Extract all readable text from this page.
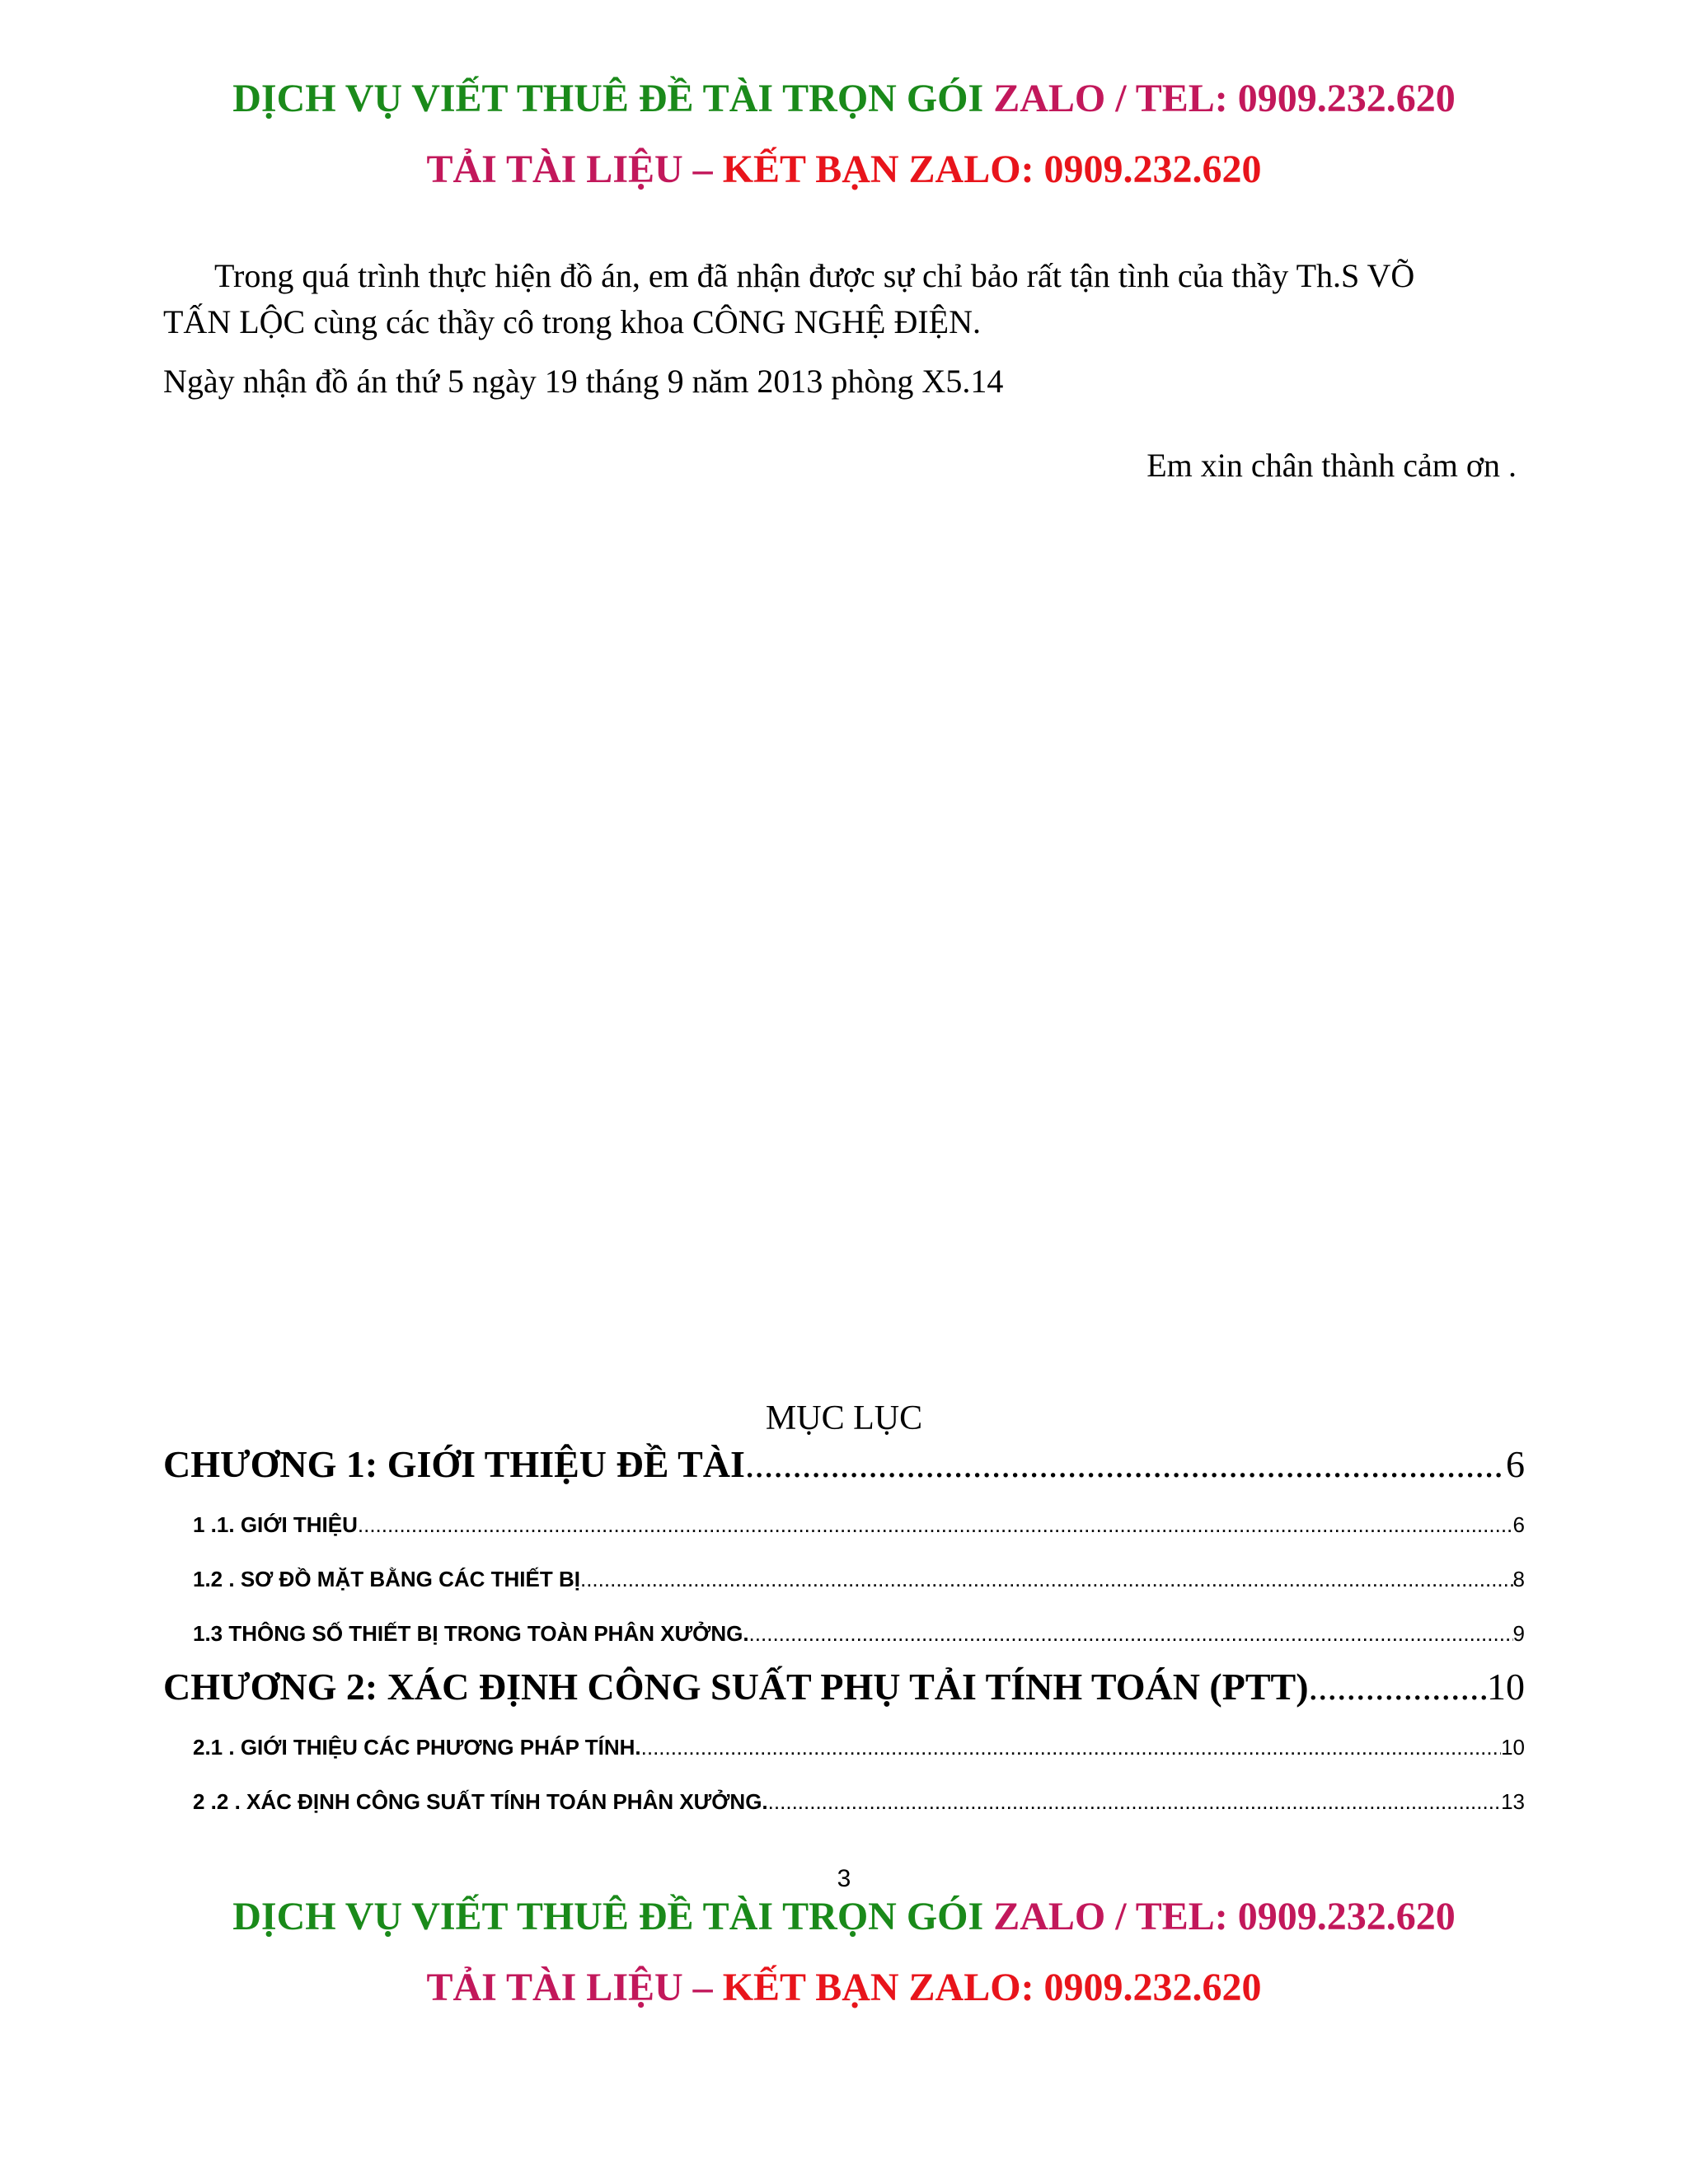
DỊCH VỤ VIẾT THUÊ ĐỀ TÀI TRỌN GÓI ZALO / TEL: 0909.232.620
TẢI TÀI LIỆU – KẾT BẠN ZALO: 0909.232.620
Trong quá trình thực hiện đồ án, em đã nhận được sự chỉ bảo rất tận tình của thầy Th.S VÕ
TẤN LỘC cùng các thầy cô trong khoa CÔNG NGHỆ ĐIỆN.
Ngày nhận đồ án thứ 5 ngày 19 tháng 9 năm 2013 phòng X5.14
Em xin chân thành cảm ơn .
MỤC LỤC
CHƯƠNG 1: GIỚI THIỆU ĐỀ TÀI .....	6
1 .1. GIỚI THIỆU .....	6
1.2 . SƠ ĐỒ MẶT BẰNG CÁC THIẾT BỊ .....	8
1.3 THÔNG SỐ THIẾT BỊ TRONG TOÀN PHÂN XƯỞNG. .....	9
CHƯƠNG 2: XÁC ĐỊNH CÔNG SUẤT PHỤ TẢI TÍNH TOÁN (PTT) .....	10
2.1 . GIỚI THIỆU CÁC PHƯƠNG PHÁP TÍNH. .....	10
2 .2 . XÁC ĐỊNH CÔNG SUẤT TÍNH TOÁN PHÂN XƯỞNG. .....	13
3
DỊCH VỤ VIẾT THUÊ ĐỀ TÀI TRỌN GÓI ZALO / TEL: 0909.232.620
TẢI TÀI LIỆU – KẾT BẠN ZALO: 0909.232.620
